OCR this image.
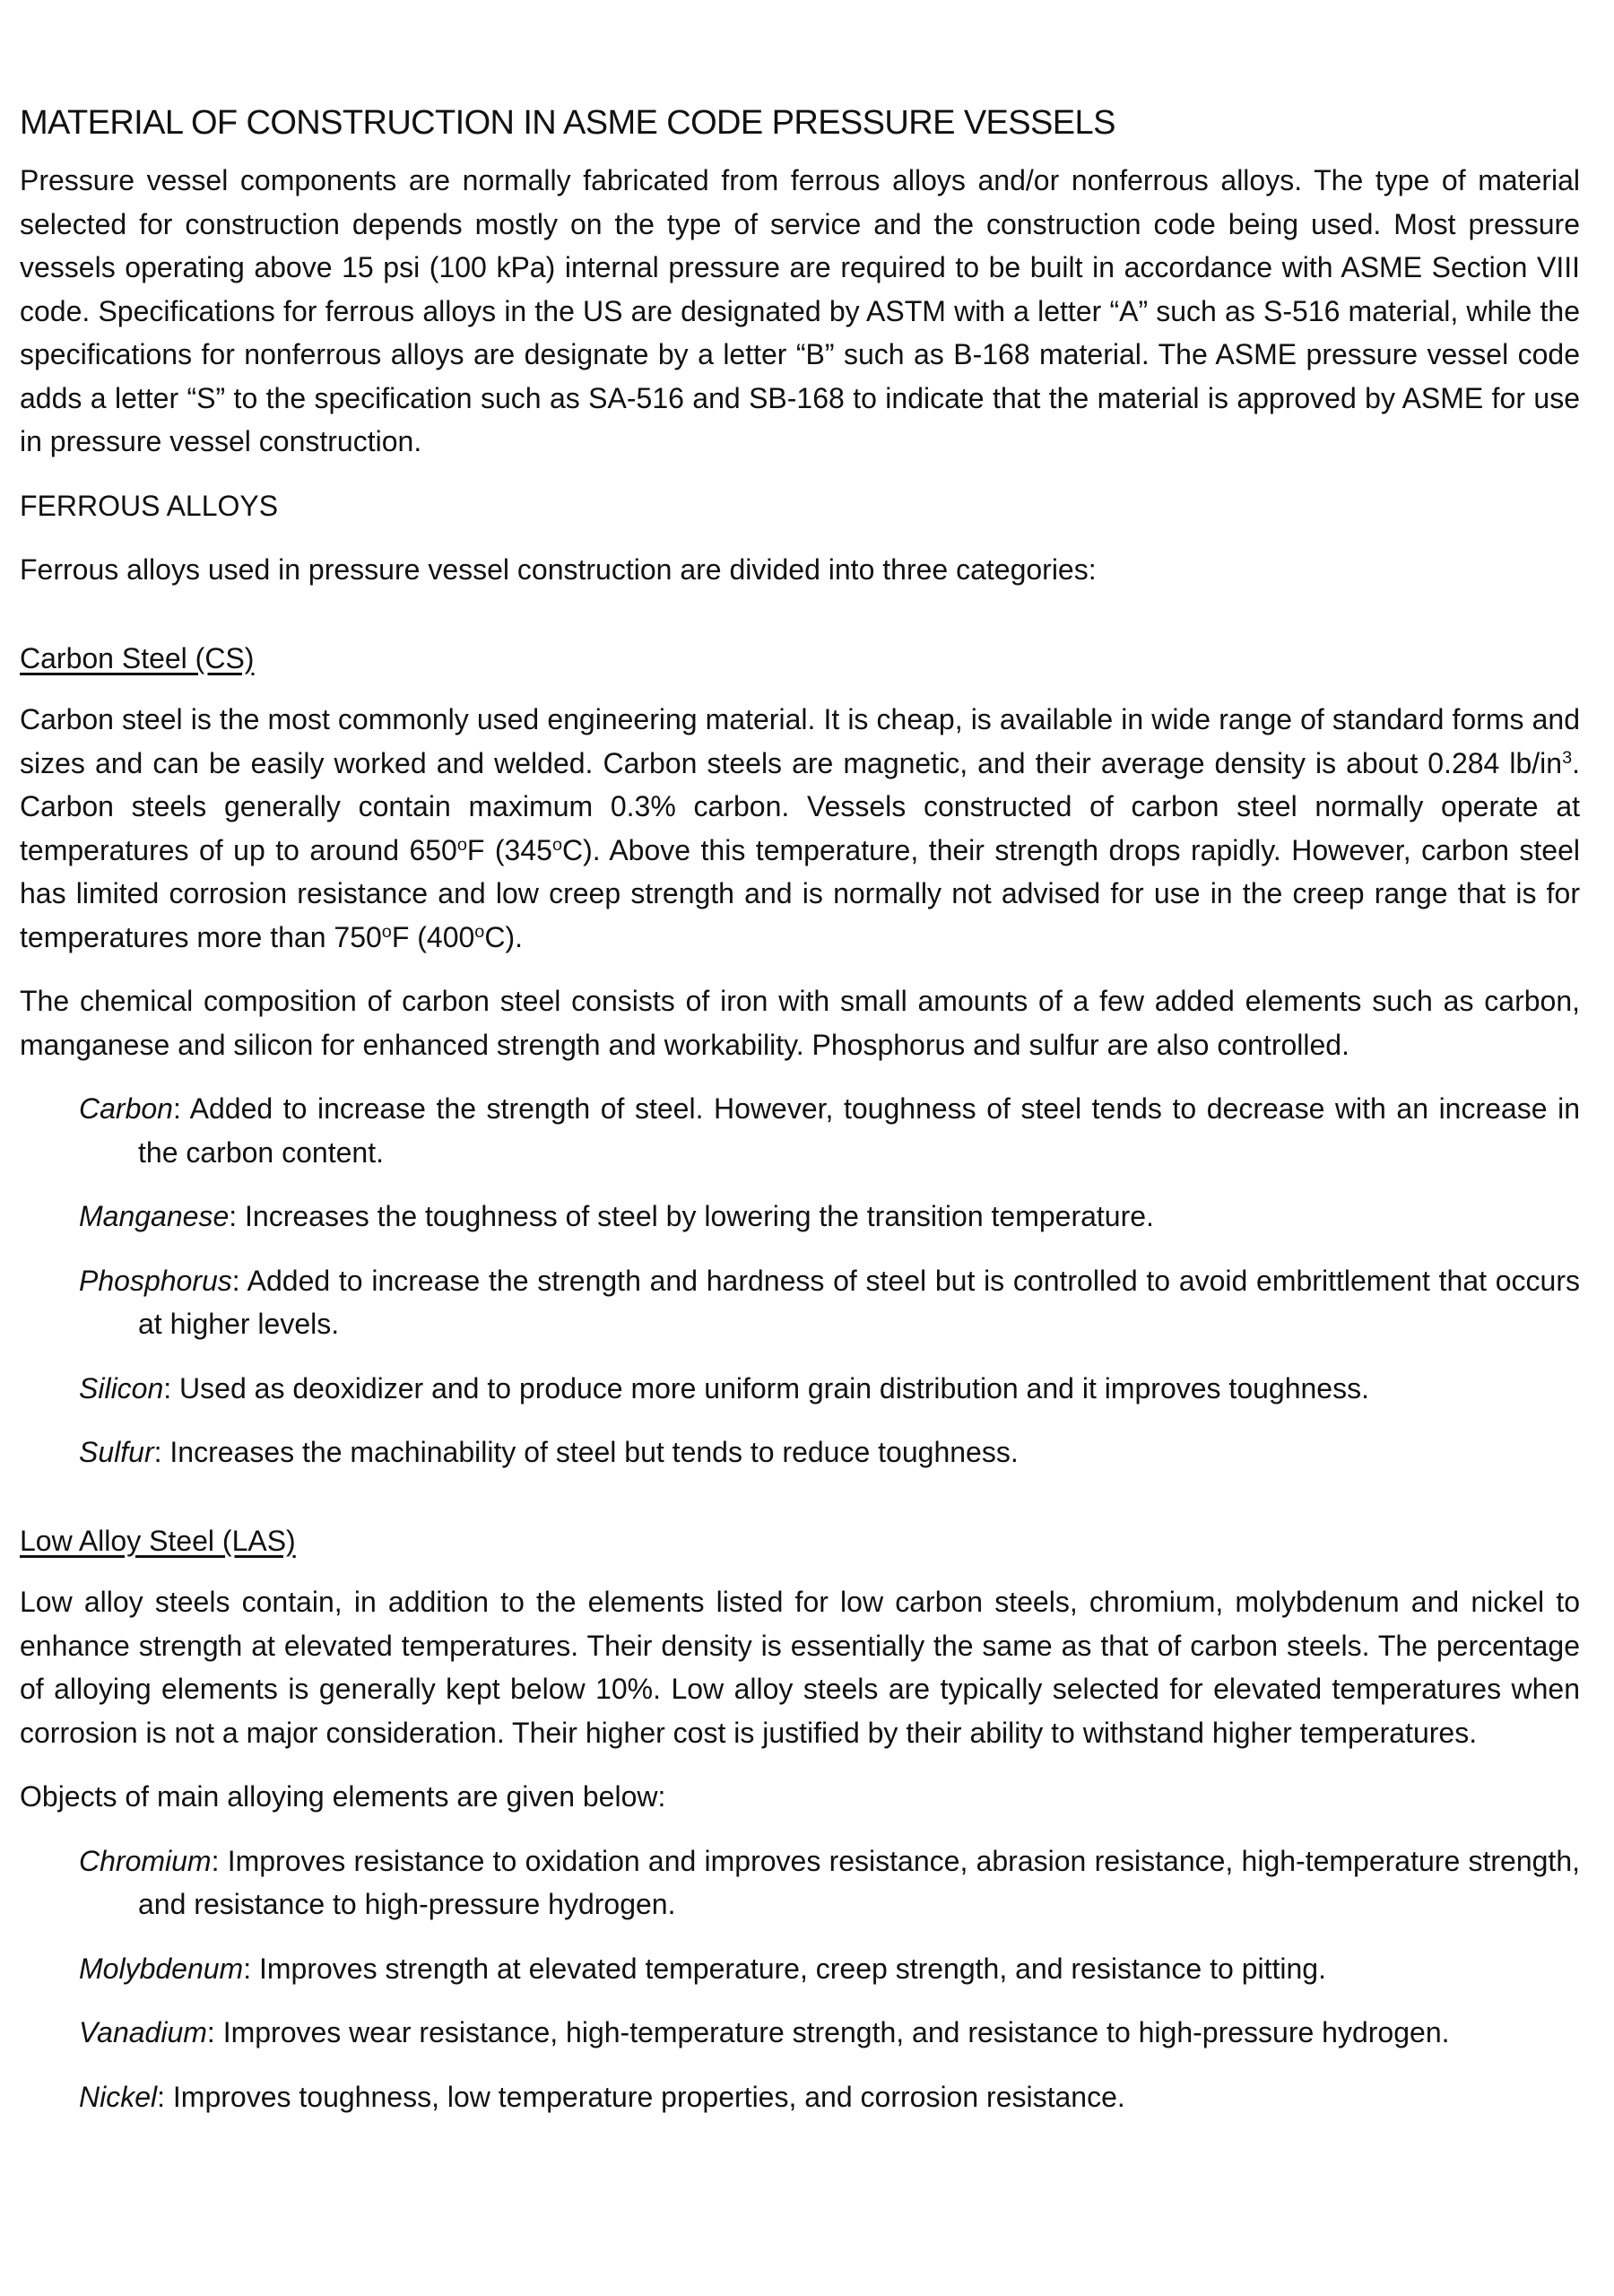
MATERIAL OF CONSTRUCTION IN ASME CODE PRESSURE VESSELS

Pressure vessel components are normally fabricated from ferrous alloys and/or nonferrous alloys. The type of material selected for construction depends mostly on the type of service and the construction code being used. Most pressure vessels operating above 15 psi (100 kPa) internal pressure are required to be built in accordance with ASME Section VIII code. Specifications for ferrous alloys in the US are designated by ASTM with a letter “A” such as S-516 material, while the specifications for nonferrous alloys are designate by a letter “B” such as B-168 material. The ASME pressure vessel code adds a letter “S” to the specification such as SA-516 and SB-168 to indicate that the material is approved by ASME for use in pressure vessel construction.

FERROUS ALLOYS

Ferrous alloys used in pressure vessel construction are divided into three categories:

Carbon Steel (CS)

Carbon steel is the most commonly used engineering material. It is cheap, is available in wide range of standard forms and sizes and can be easily worked and welded. Carbon steels are magnetic, and their average density is about 0.284 $lb/in^3$. Carbon steels generally contain maximum 0.3% carbon. Vessels constructed of carbon steel normally operate at temperatures of up to around 650$^o$F (345$^o$C). Above this temperature, their strength drops rapidly. However, carbon steel has limited corrosion resistance and low creep strength and is normally not advised for use in the creep range that is for temperatures more than 750$^o$F (400$^o$C).

The chemical composition of carbon steel consists of iron with small amounts of a few added elements such as carbon, manganese and silicon for enhanced strength and workability. Phosphorus and sulfur are also controlled.

Carbon: Added to increase the strength of steel. However, toughness of steel tends to decrease with an increase in the carbon content.
Manganese: Increases the toughness of steel by lowering the transition temperature.
Phosphorus: Added to increase the strength and hardness of steel but is controlled to avoid embrittlement that occurs at higher levels.
Silicon: Used as deoxidizer and to produce more uniform grain distribution and it improves toughness.
Sulfur: Increases the machinability of steel but tends to reduce toughness.
Low Alloy Steel (LAS)

Low alloy steels contain, in addition to the elements listed for low carbon steels, chromium, molybdenum and nickel to enhance strength at elevated temperatures. Their density is essentially the same as that of carbon steels. The percentage of alloying elements is generally kept below 10%. Low alloy steels are typically selected for elevated temperatures when corrosion is not a major consideration. Their higher cost is justified by their ability to withstand higher temperatures.

Objects of main alloying elements are given below:

Chromium: Improves resistance to oxidation and improves resistance, abrasion resistance, high-temperature strength, and resistance to high-pressure hydrogen.
Molybdenum: Improves strength at elevated temperature, creep strength, and resistance to pitting.
Vanadium: Improves wear resistance, high-temperature strength, and resistance to high-pressure hydrogen.
Nickel: Improves toughness, low temperature properties, and corrosion resistance.
